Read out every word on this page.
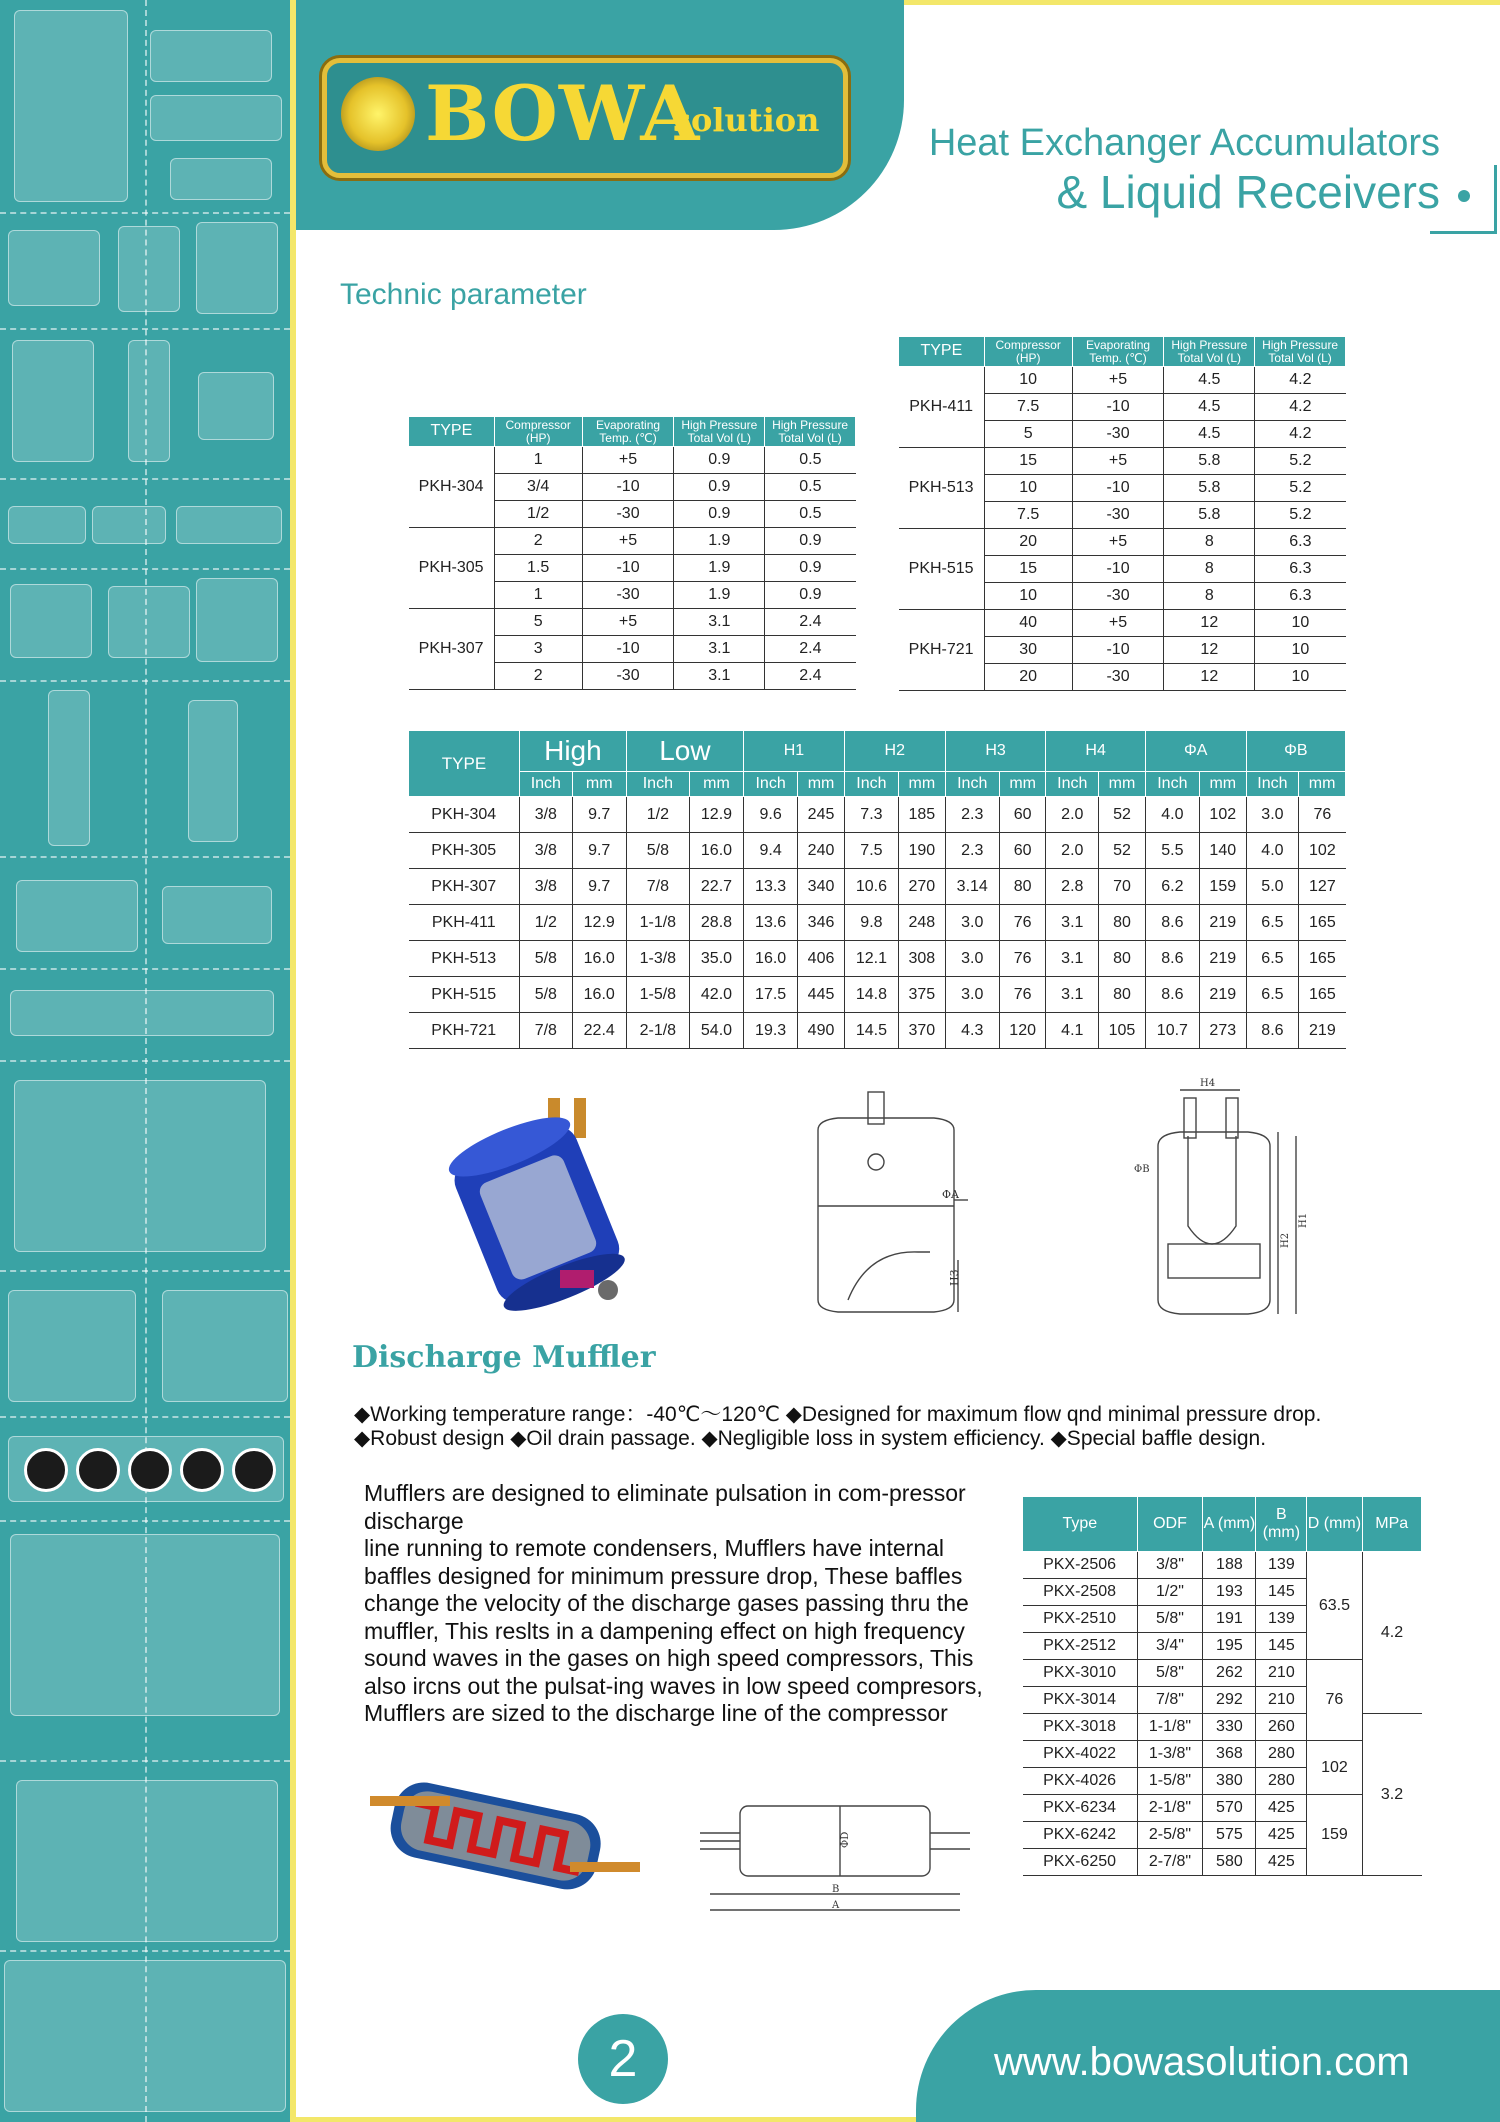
BOWA
solution
Heat Exchanger Accumulators
& Liquid Receivers
Technic parameter
TYPE	Compressor (HP)	Evaporating Temp. (℃)	High Pressure Total Vol (L)	High Pressure Total Vol (L)
PKH-304	1	+5	0.9	0.5
	3/4	-10	0.9	0.5
	1/2	-30	0.9	0.5
PKH-305	2	+5	1.9	0.9
	1.5	-10	1.9	0.9
	1	-30	1.9	0.9
PKH-307	5	+5	3.1	2.4
	3	-10	3.1	2.4
	2	-30	3.1	2.4
TYPE	Compressor (HP)	Evaporating Temp. (℃)	High Pressure Total Vol (L)	High Pressure Total Vol (L)
PKH-411	10	+5	4.5	4.2
	7.5	-10	4.5	4.2
	5	-30	4.5	4.2
PKH-513	15	+5	5.8	5.2
	10	-10	5.8	5.2
	7.5	-30	5.8	5.2
PKH-515	20	+5	8	6.3
	15	-10	8	6.3
	10	-30	8	6.3
PKH-721	40	+5	12	10
	30	-10	12	10
	20	-30	12	10
TYPE	High		Low		H1		H2		H3		H4		ΦA		ΦB	
	Inch	mm	Inch	mm	Inch	mm	Inch	mm	Inch	mm	Inch	mm	Inch	mm	Inch	mm
PKH-304	3/8	9.7	1/2	12.9	9.6	245	7.3	185	2.3	60	2.0	52	4.0	102	3.0	76
PKH-305	3/8	9.7	5/8	16.0	9.4	240	7.5	190	2.3	60	2.0	52	5.5	140	4.0	102
PKH-307	3/8	9.7	7/8	22.7	13.3	340	10.6	270	3.14	80	2.8	70	6.2	159	5.0	127
PKH-411	1/2	12.9	1-1/8	28.8	13.6	346	9.8	248	3.0	76	3.1	80	8.6	219	6.5	165
PKH-513	5/8	16.0	1-3/8	35.0	16.0	406	12.1	308	3.0	76	3.1	80	8.6	219	6.5	165
PKH-515	5/8	16.0	1-5/8	42.0	17.5	445	14.8	375	3.0	76	3.1	80	8.6	219	6.5	165
PKH-721	7/8	22.4	2-1/8	54.0	19.3	490	14.5	370	4.3	120	4.1	105	10.7	273	8.6	219
ΦA
H3
H4
ΦB
H1
H2
Discharge Muffler
◆Working temperature range：-40℃～120℃ ◆Designed for maximum flow qnd minimal pressure drop.
◆Robust design ◆Oil drain passage. ◆Negligible loss in system efficiency. ◆Special baffle design.

Mufflers are designed to eliminate pulsation in com-pressor discharge

line running to remote condensers, Mufflers have internal baffles designed for minimum pressure drop, These baffles change the velocity of the discharge gases passing thru the muffler, This reslts in a dampening effect on high frequency sound waves in the gases on high speed compressors, This also ircns out the pulsat-ing waves in low speed compresors, Mufflers are sized to the discharge line of the compressor

Type	ODF	A (mm)	B (mm)	D (mm)	MPa
PKX-2506	3/8"	188	139	63.5	4.2
PKX-2508	1/2"	193	145		
PKX-2510	5/8"	191	139		
PKX-2512	3/4"	195	145		
PKX-3010	5/8"	262	210	76	
PKX-3014	7/8"	292	210		
PKX-3018	1-1/8"	330	260		3.2
PKX-4022	1-3/8"	368	280	102	
PKX-4026	1-5/8"	380	280		
PKX-6234	2-1/8"	570	425	159	
PKX-6242	2-5/8"	575	425		
PKX-6250	2-7/8"	580	425		
ΦD
B
A
2	www.bowasolution.com
